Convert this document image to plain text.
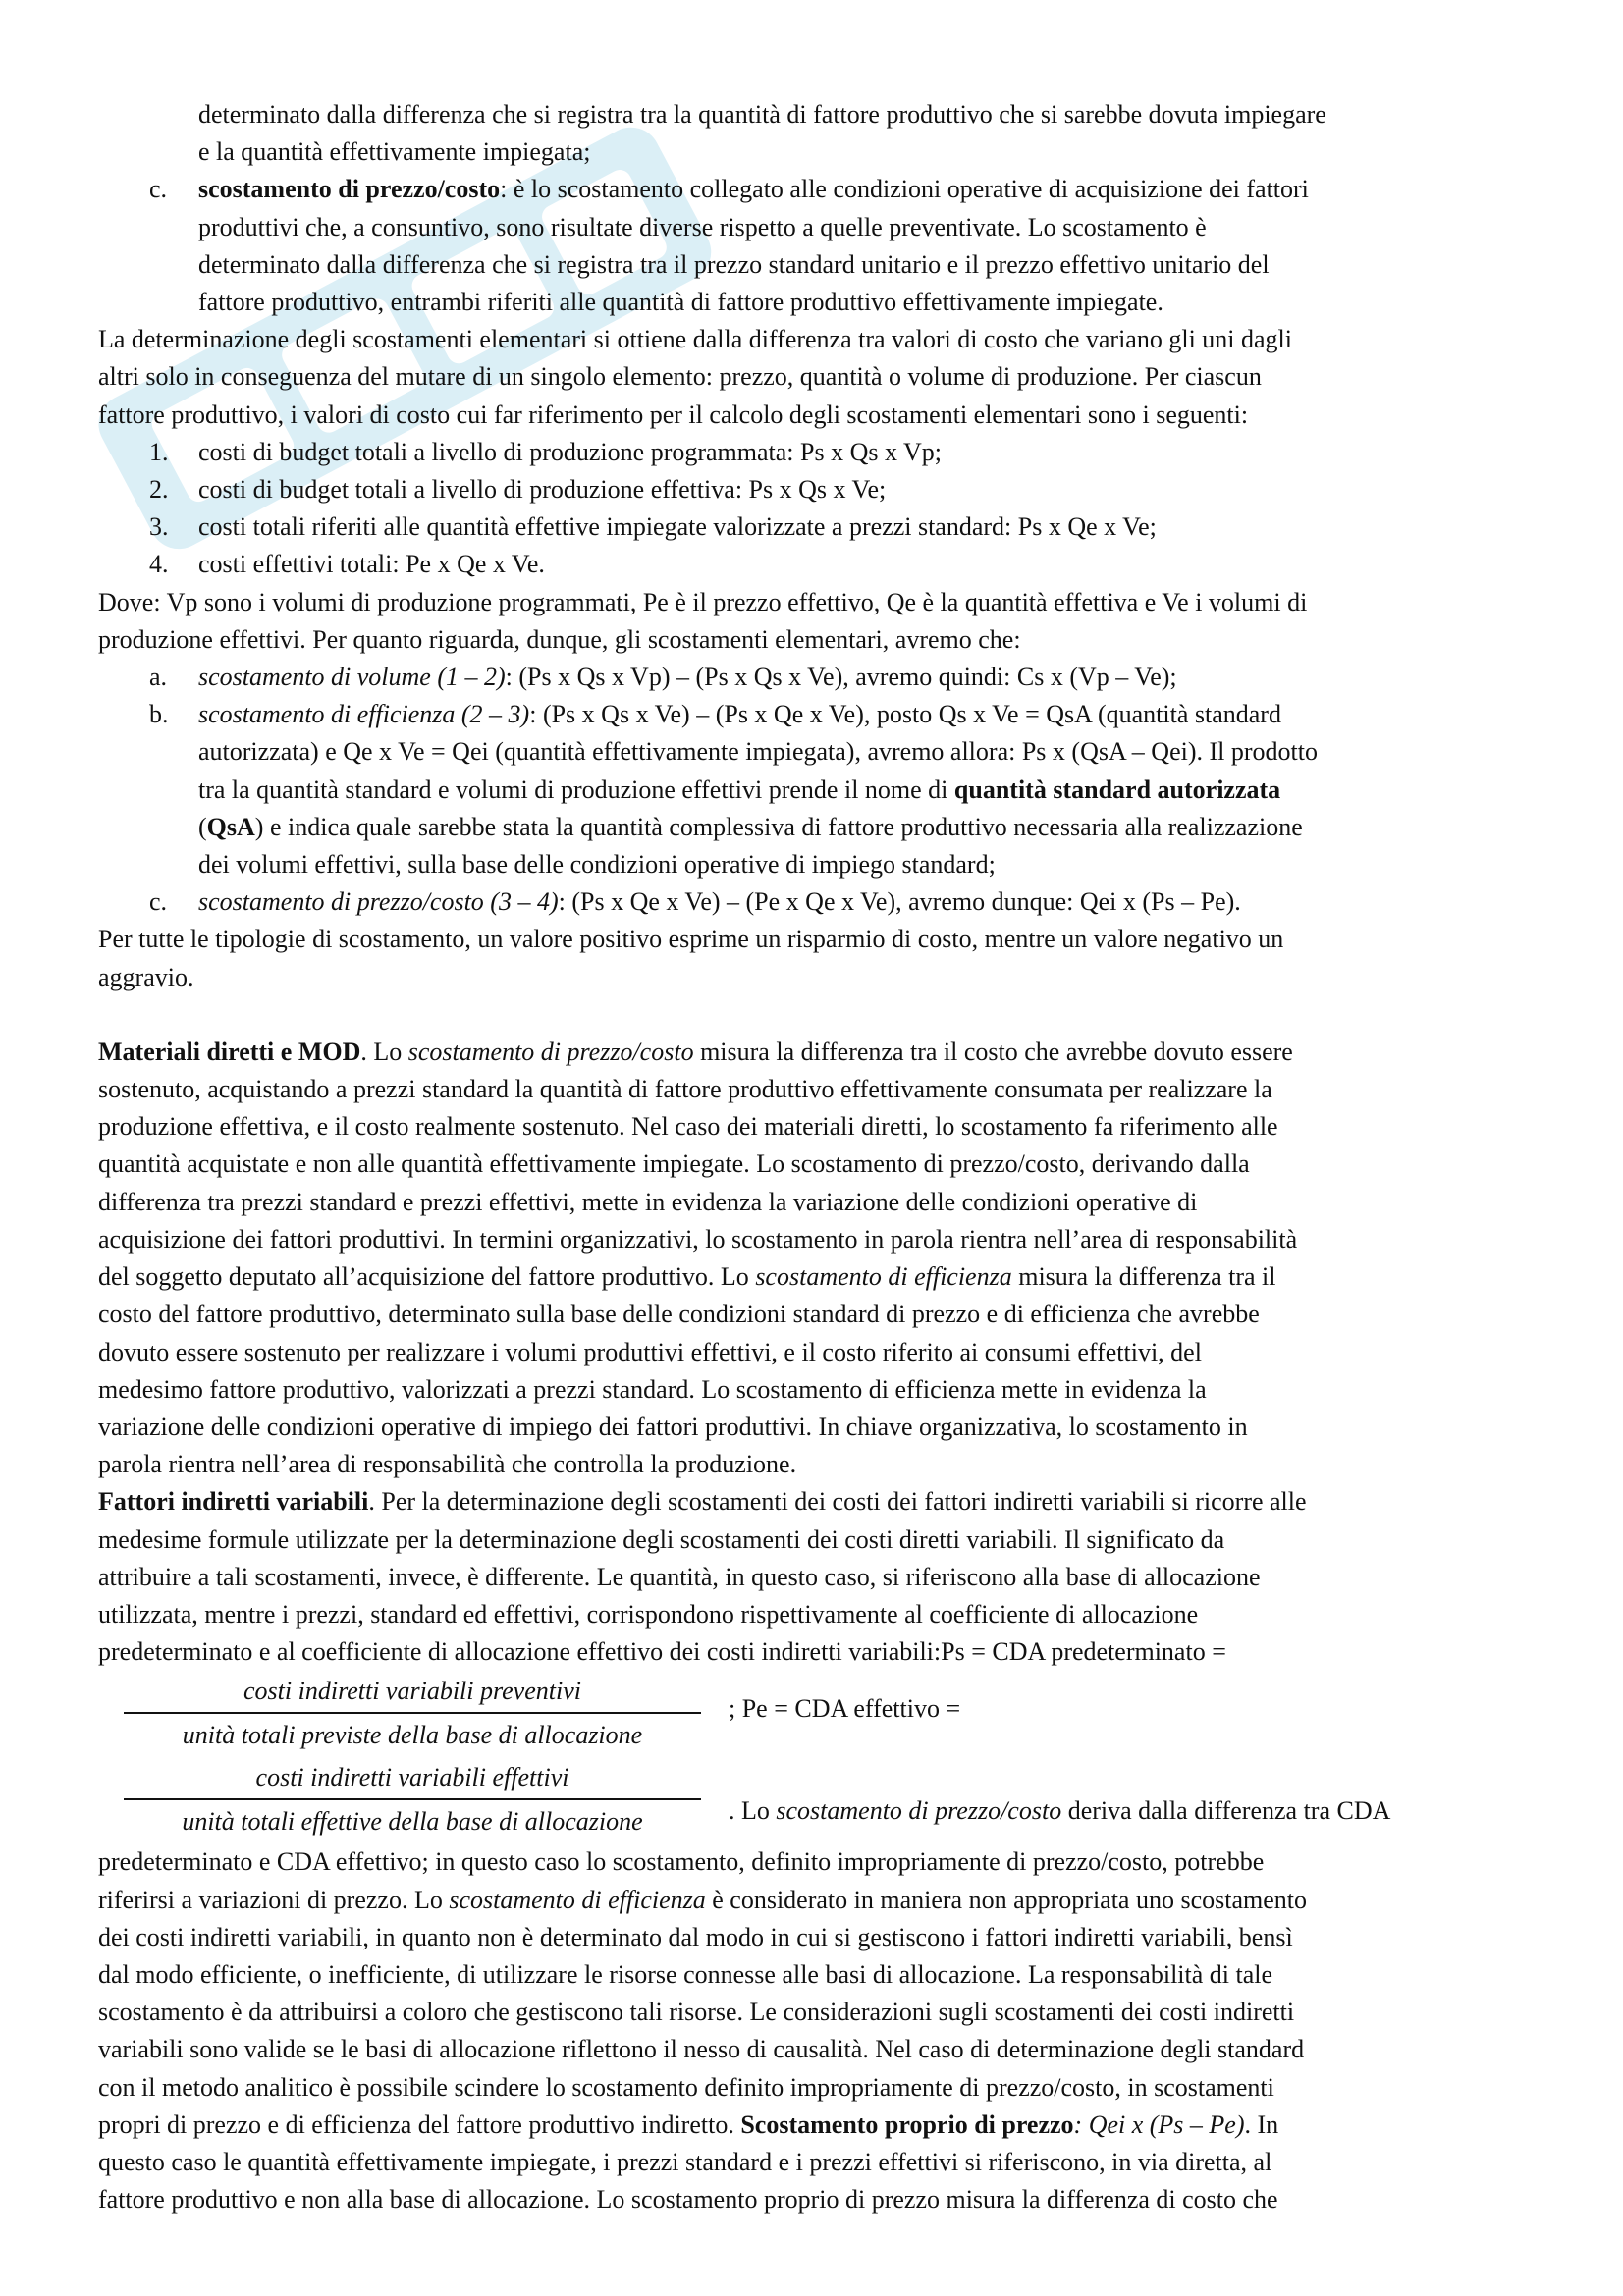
determinato dalla differenza che si registra tra la quantità di fattore produttivo che si sarebbe dovuta impiegare
e la quantità effettivamente impiegata;
c. scostamento di prezzo/costo: è lo scostamento collegato alle condizioni operative di acquisizione dei fattori
produttivi che, a consuntivo, sono risultate diverse rispetto a quelle preventivate. Lo scostamento è
determinato dalla differenza che si registra tra il prezzo standard unitario e il prezzo effettivo unitario del
fattore produttivo, entrambi riferiti alle quantità di fattore produttivo effettivamente impiegate.
La determinazione degli scostamenti elementari si ottiene dalla differenza tra valori di costo che variano gli uni dagli
altri solo in conseguenza del mutare di un singolo elemento: prezzo, quantità o volume di produzione. Per ciascun
fattore produttivo, i valori di costo cui far riferimento per il calcolo degli scostamenti elementari sono i seguenti:
1. costi di budget totali a livello di produzione programmata: Ps x Qs x Vp;
2. costi di budget totali a livello di produzione effettiva: Ps x Qs x Ve;
3. costi totali riferiti alle quantità effettive impiegate valorizzate a prezzi standard: Ps x Qe x Ve;
4. costi effettivi totali: Pe x Qe x Ve.
Dove: Vp sono i volumi di produzione programmati, Pe è il prezzo effettivo, Qe è la quantità effettiva e Ve i volumi di
produzione effettivi. Per quanto riguarda, dunque, gli scostamenti elementari, avremo che:
a. scostamento di volume (1 – 2): (Ps x Qs x Vp) – (Ps x Qs x Ve), avremo quindi: Cs x (Vp – Ve);
b. scostamento di efficienza (2 – 3): (Ps x Qs x Ve) – (Ps x Qe x Ve), posto Qs x Ve = QsA (quantità standard
autorizzata) e Qe x Ve = Qei (quantità effettivamente impiegata), avremo allora: Ps x (QsA – Qei). Il prodotto
tra la quantità standard e volumi di produzione effettivi prende il nome di quantità standard autorizzata
(QsA) e indica quale sarebbe stata la quantità complessiva di fattore produttivo necessaria alla realizzazione
dei volumi effettivi, sulla base delle condizioni operative di impiego standard;
c. scostamento di prezzo/costo (3 – 4): (Ps x Qe x Ve) – (Pe x Qe x Ve), avremo dunque: Qei x (Ps – Pe).
Per tutte le tipologie di scostamento, un valore positivo esprime un risparmio di costo, mentre un valore negativo un
aggravio.
Materiali diretti e MOD. Lo scostamento di prezzo/costo misura la differenza tra il costo che avrebbe dovuto essere
sostenuto, acquistando a prezzi standard la quantità di fattore produttivo effettivamente consumata per realizzare la
produzione effettiva, e il costo realmente sostenuto. Nel caso dei materiali diretti, lo scostamento fa riferimento alle
quantità acquistate e non alle quantità effettivamente impiegate. Lo scostamento di prezzo/costo, derivando dalla
differenza tra prezzi standard e prezzi effettivi, mette in evidenza la variazione delle condizioni operative di
acquisizione dei fattori produttivi. In termini organizzativi, lo scostamento in parola rientra nell’area di responsabilità
del soggetto deputato all’acquisizione del fattore produttivo. Lo scostamento di efficienza misura la differenza tra il
costo del fattore produttivo, determinato sulla base delle condizioni standard di prezzo e di efficienza che avrebbe
dovuto essere sostenuto per realizzare i volumi produttivi effettivi, e il costo riferito ai consumi effettivi, del
medesimo fattore produttivo, valorizzati a prezzi standard. Lo scostamento di efficienza mette in evidenza la
variazione delle condizioni operative di impiego dei fattori produttivi. In chiave organizzativa, lo scostamento in
parola rientra nell’area di responsabilità che controlla la produzione.
Fattori indiretti variabili. Per la determinazione degli scostamenti dei costi dei fattori indiretti variabili si ricorre alle
medesime formule utilizzate per la determinazione degli scostamenti dei costi diretti variabili. Il significato da
attribuire a tali scostamenti, invece, è differente. Le quantità, in questo caso, si riferiscono alla base di allocazione
utilizzata, mentre i prezzi, standard ed effettivi, corrispondono rispettivamente al coefficiente di allocazione
predeterminato e al coefficiente di allocazione effettivo dei costi indiretti variabili:Ps = CDA predeterminato =
costi indiretti variabili preventivi
unità totali previste della base di allocazione
; Pe = CDA effettivo =
costi indiretti variabili effettivi
unità totali effettive della base di allocazione	. Lo scostamento di prezzo/costo deriva dalla differenza tra CDA
predeterminato e CDA effettivo; in questo caso lo scostamento, definito impropriamente di prezzo/costo, potrebbe
riferirsi a variazioni di prezzo. Lo scostamento di efficienza è considerato in maniera non appropriata uno scostamento
dei costi indiretti variabili, in quanto non è determinato dal modo in cui si gestiscono i fattori indiretti variabili, bensì
dal modo efficiente, o inefficiente, di utilizzare le risorse connesse alle basi di allocazione. La responsabilità di tale
scostamento è da attribuirsi a coloro che gestiscono tali risorse. Le considerazioni sugli scostamenti dei costi indiretti
variabili sono valide se le basi di allocazione riflettono il nesso di causalità. Nel caso di determinazione degli standard
con il metodo analitico è possibile scindere lo scostamento definito impropriamente di prezzo/costo, in scostamenti
propri di prezzo e di efficienza del fattore produttivo indiretto. Scostamento proprio di prezzo: Qei x (Ps – Pe). In
questo caso le quantità effettivamente impiegate, i prezzi standard e i prezzi effettivi si riferiscono, in via diretta, al
fattore produttivo e non alla base di allocazione. Lo scostamento proprio di prezzo misura la differenza di costo che
